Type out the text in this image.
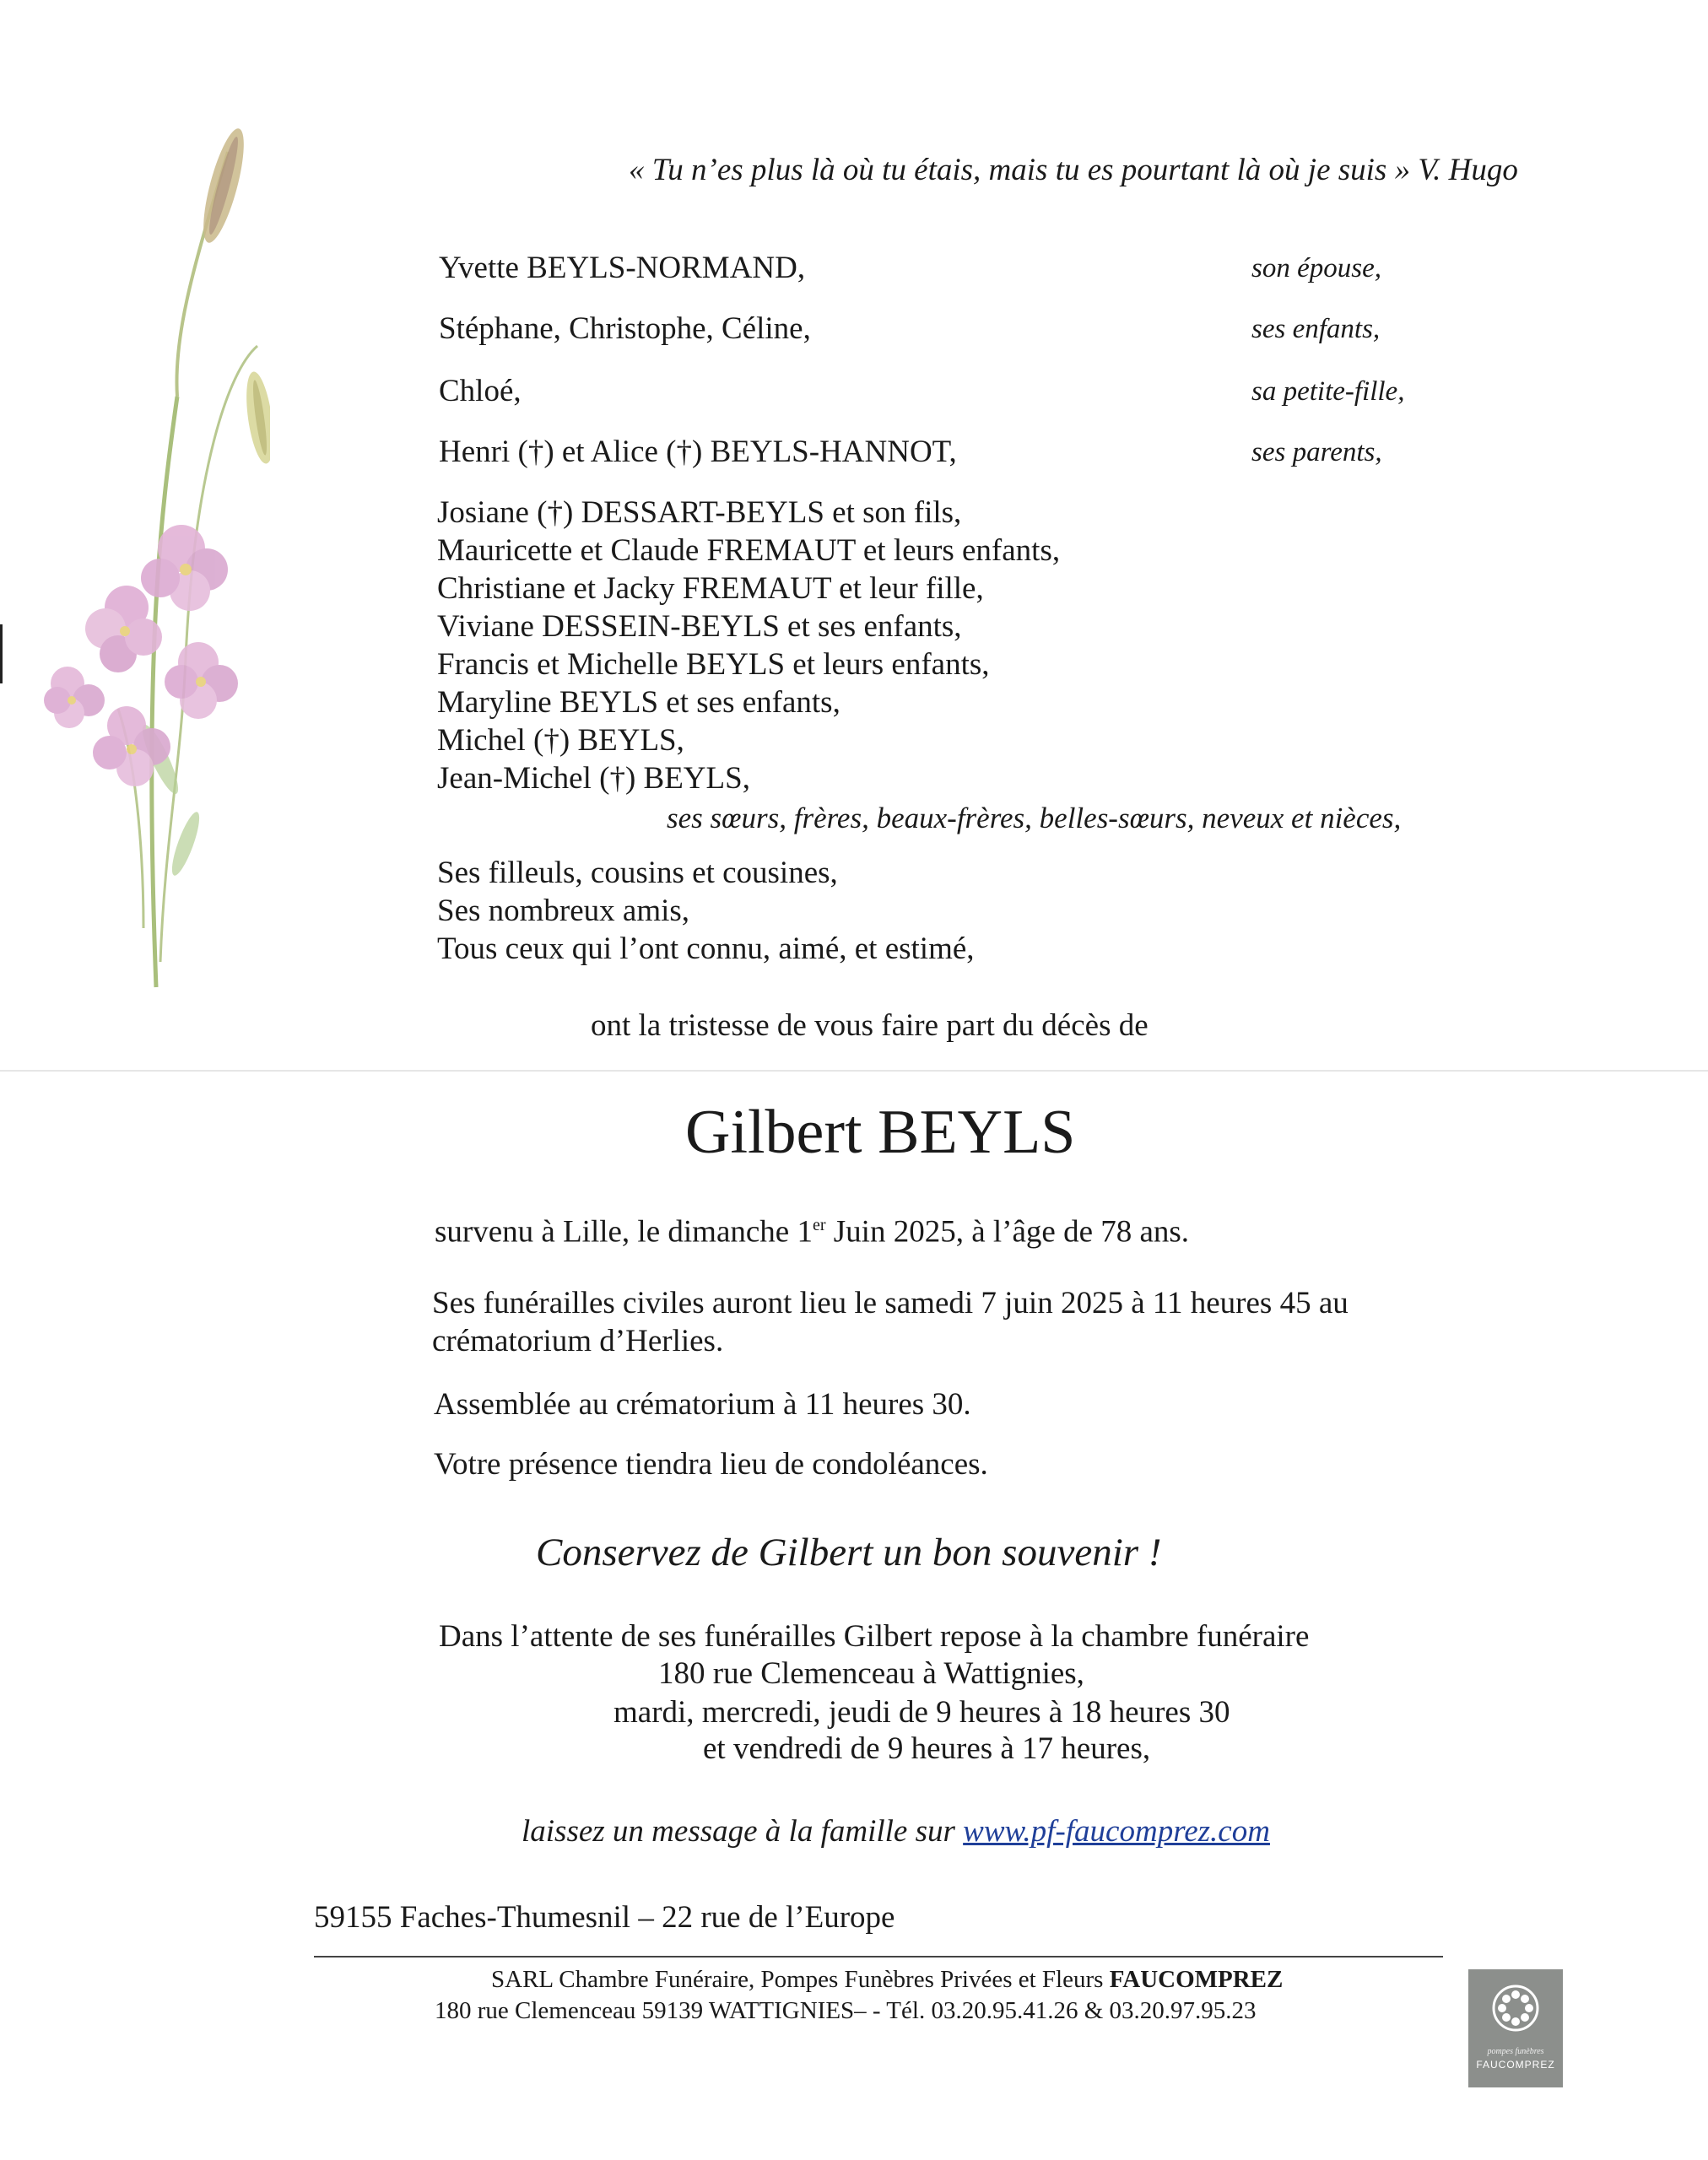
« Tu n’es plus là où tu étais, mais tu es pourtant là où je suis » V. Hugo
Yvette BEYLS-NORMAND,	son épouse,
Stéphane, Christophe, Céline,	ses enfants,
Chloé,	sa petite-fille,
Henri (†) et Alice (†) BEYLS-HANNOT,	ses parents,
Josiane (†) DESSART-BEYLS et son fils,
Mauricette et Claude FREMAUT et leurs enfants,
Christiane et Jacky FREMAUT et leur fille,
Viviane DESSEIN-BEYLS et ses enfants,
Francis et Michelle BEYLS et leurs enfants,
Maryline BEYLS et ses enfants,
Michel (†) BEYLS,
Jean-Michel (†) BEYLS,
ses sœurs, frères, beaux-frères, belles-sœurs, neveux et nièces,
Ses filleuls, cousins et cousines,
Ses nombreux amis,
Tous ceux qui l’ont connu, aimé, et estimé,
ont la tristesse de vous faire part du décès de
Gilbert BEYLS
survenu à Lille, le dimanche 1er Juin 2025, à l’âge de 78 ans.
Ses funérailles civiles auront lieu le samedi 7 juin 2025 à 11 heures 45 au
crématorium d’Herlies.
Assemblée au crématorium à 11 heures 30.
Votre présence tiendra lieu de condoléances.
Conservez de Gilbert un bon souvenir !
Dans l’attente de ses funérailles Gilbert repose à la chambre funéraire
180 rue Clemenceau à Wattignies,
mardi, mercredi, jeudi de 9 heures à 18 heures 30
et vendredi de 9 heures à 17 heures,
laissez un message à la famille sur www.pf-faucomprez.com
59155 Faches-Thumesnil – 22 rue de l’Europe
SARL Chambre Funéraire, Pompes Funèbres Privées et Fleurs FAUCOMPREZ
180 rue Clemenceau 59139 WATTIGNIES– - Tél. 03.20.95.41.26 & 03.20.97.95.23
pompes funèbres
FAUCOMPREZ
